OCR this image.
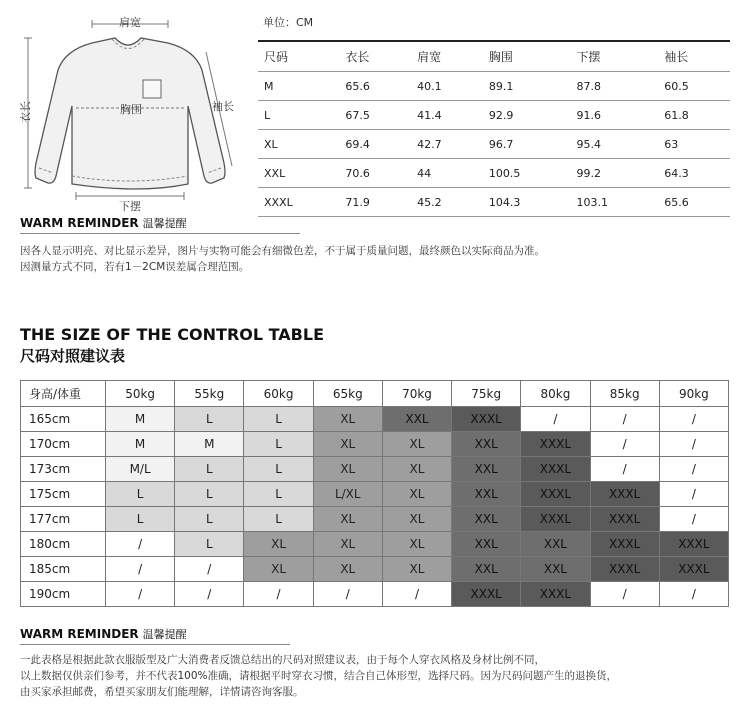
肩宽
衣长	胸围	袖长
下摆
单位：CM
尺码	衣长	肩宽	胸围	下摆	袖长
M	65.6	40.1	89.1	87.8	60.5
L	67.5	41.4	92.9	91.6	61.8
XL	69.4	42.7	96.7	95.4	63
XXL	70.6	44	100.5	99.2	64.3
XXXL	71.9	45.2	104.3	103.1	65.6
WARM REMINDER 温馨提醒
因各人显示明亮、对比显示差异，图片与实物可能会有细微色差，不于属于质量问题，最终颜色以实际商品为准。
因测量方式不同，若有1－2CM误差属合理范围。
THE SIZE OF THE CONTROL TABLE
尺码对照建议表
身高/体重	50kg	55kg	60kg	65kg	70kg	75kg	80kg	85kg	90kg
165cm	M	L	L	XL	XXL	XXXL	/	/	/
170cm	M	M	L	XL	XL	XXL	XXXL	/	/
173cm	M/L	L	L	XL	XL	XXL	XXXL	/	/
175cm	L	L	L	L/XL	XL	XXL	XXXL	XXXL	/
177cm	L	L	L	XL	XL	XXL	XXXL	XXXL	/
180cm	/	L	XL	XL	XL	XXL	XXL	XXXL	XXXL
185cm	/	/	XL	XL	XL	XXL	XXL	XXXL	XXXL
190cm	/	/	/	/	/	XXXL	XXXL	/	/
WARM REMINDER 温馨提醒
一此表格是根据此款衣服版型及广大消费者反馈总结出的尺码对照建议表，由于每个人穿衣风格及身材比例不同，
以上数据仅供亲们参考，并不代表100%准确，请根据平时穿衣习惯，结合自己体形型，选择尺码。因为尺码问题产生的退换货，
由买家承担邮费，希望买家朋友们能理解，详情请咨询客服。
